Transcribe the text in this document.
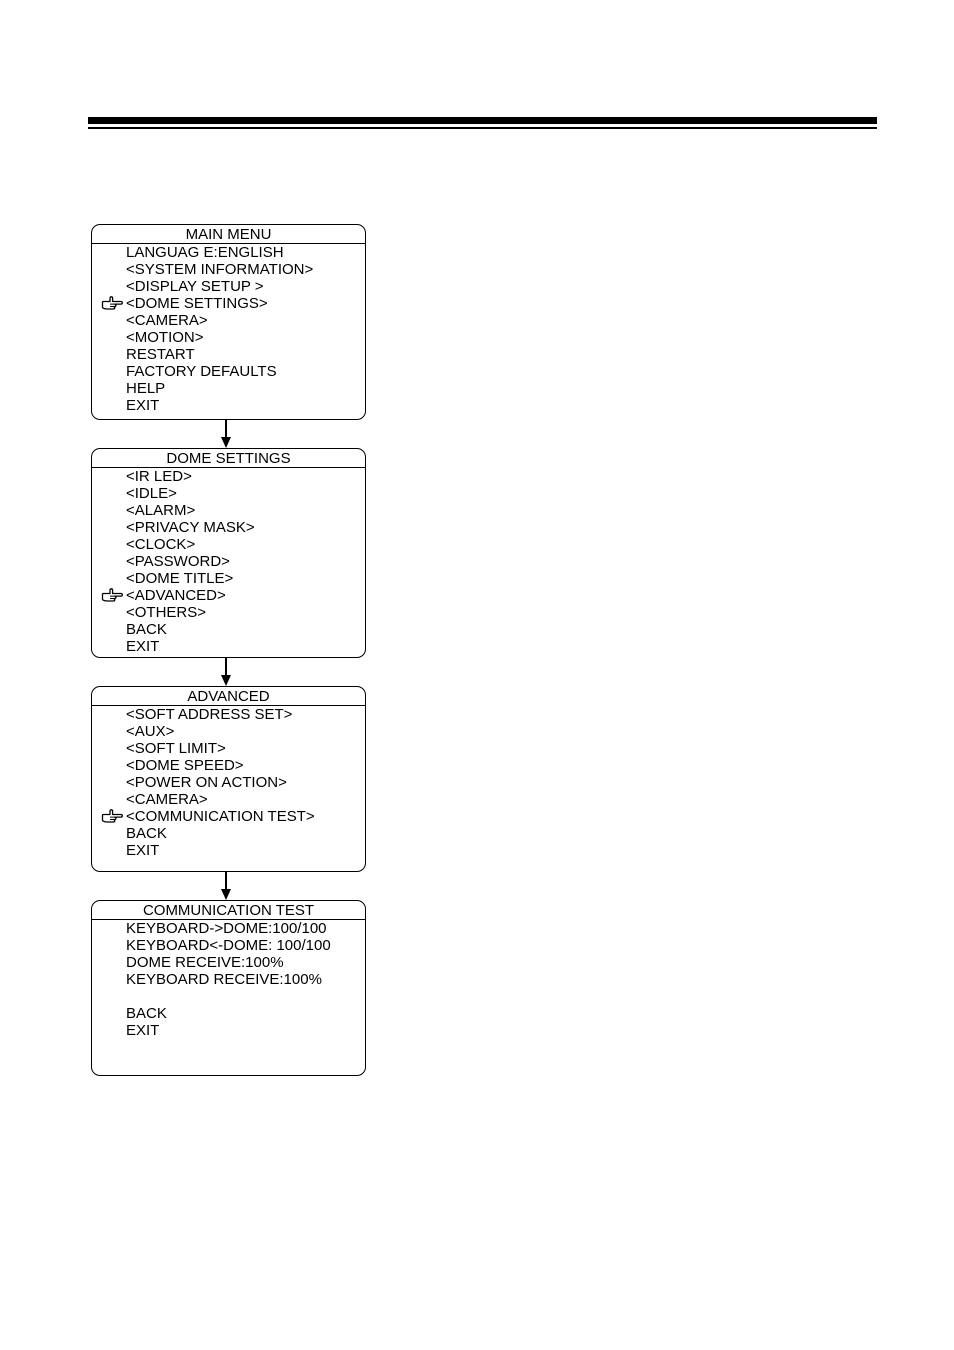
MAIN MENU
LANGUAG E:ENGLISH
<SYSTEM INFORMATION>
<DISPLAY SETUP >
<DOME SETTINGS>
<CAMERA>
<MOTION>
RESTART
FACTORY DEFAULTS
HELP
EXIT
DOME SETTINGS
<IR LED>
<IDLE>
<ALARM>
<PRIVACY MASK>
<CLOCK>
<PASSWORD>
<DOME TITLE>
<ADVANCED>
<OTHERS>
BACK
EXIT
ADVANCED
<SOFT ADDRESS SET>
<AUX>
<SOFT LIMIT>
<DOME SPEED>
<POWER ON ACTION>
<CAMERA>
<COMMUNICATION TEST>
BACK
EXIT
COMMUNICATION TEST
KEYBOARD->DOME:100/100
KEYBOARD<-DOME: 100/100
DOME RECEIVE:100%
KEYBOARD RECEIVE:100%
BACK
EXIT
